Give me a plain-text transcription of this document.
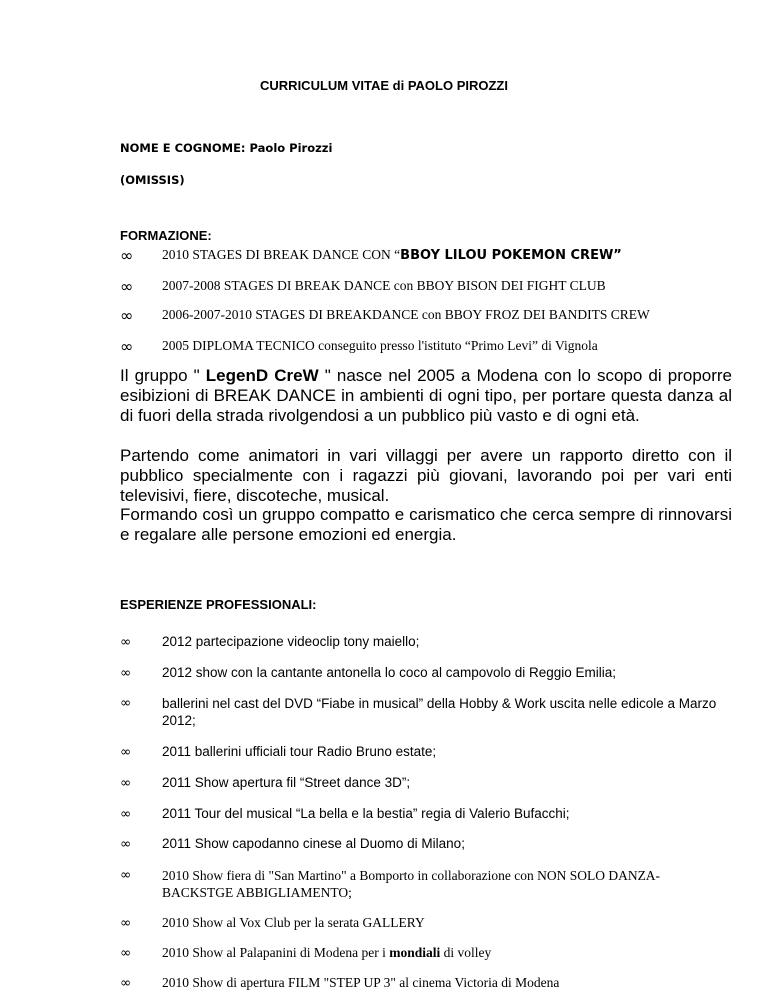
CURRICULUM VITAE di PAOLO PIROZZI
NOME E COGNOME: Paolo Pirozzi
(OMISSIS)
FORMAZIONE:
∞ 2010 STAGES DI BREAK DANCE CON “BBOY LILOU POKEMON CREW”
∞ 2007-2008 STAGES DI BREAK DANCE con BBOY BISON DEI FIGHT CLUB
∞ 2006-2007-2010 STAGES DI BREAKDANCE con BBOY FROZ DEI BANDITS CREW
∞ 2005 DIPLOMA TECNICO conseguito presso l'istituto “Primo Levi” di Vignola

Il gruppo " LegenD CreW " nasce nel 2005 a Modena con lo scopo di proporre esibizioni di BREAK DANCE in ambienti di ogni tipo, per portare questa danza al di fuori della strada rivolgendosi a un pubblico più vasto e di ogni età.

Partendo come animatori in vari villaggi per avere un rapporto diretto con il pubblico specialmente con i ragazzi più giovani, lavorando poi per vari enti televisivi, fiere, discoteche, musical.

Formando così un gruppo compatto e carismatico che cerca sempre di rinnovarsi e regalare alle persone emozioni ed energia.

ESPERIENZE PROFESSIONALI:
∞ 2012 partecipazione videoclip tony maiello;
∞ 2012 show con la cantante antonella lo coco al campovolo di Reggio Emilia;
∞ ballerini nel cast del DVD “Fiabe in musical” della Hobby & Work uscita nelle edicole a Marzo 2012;
∞ 2011 ballerini ufficiali tour Radio Bruno estate;
∞ 2011 Show apertura fil “Street dance 3D”;
∞ 2011 Tour del musical “La bella e la bestia” regia di Valerio Bufacchi;
∞ 2011 Show capodanno cinese al Duomo di Milano;
∞ 2010 Show fiera di "San Martino" a Bomporto in collaborazione con NON SOLO DANZA-BACKSTGE ABBIGLIAMENTO;
∞ 2010 Show al Vox Club per la serata GALLERY
∞ 2010 Show al Palapanini di Modena per i mondiali di volley
∞ 2010 Show di apertura FILM "STEP UP 3" al cinema Victoria di Modena
